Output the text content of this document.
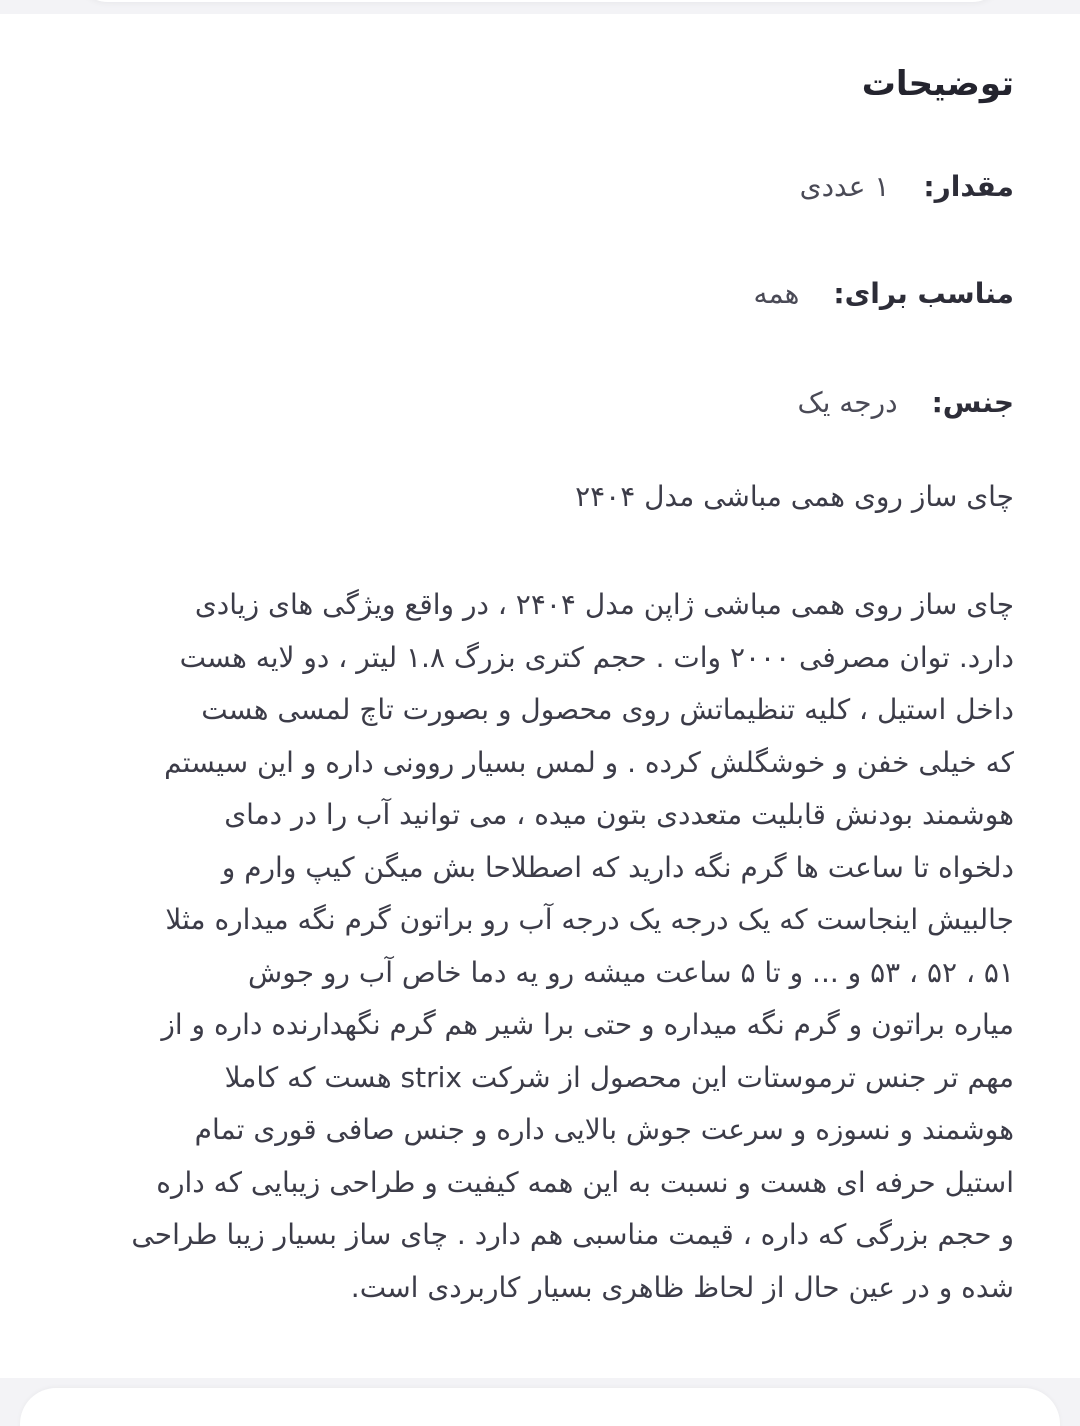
توضیحات
مقدار:
۱ عددی
مناسب برای:
همه
جنس:
درجه یک

چای ساز روی همی مباشی مدل ۲۴۰۴

چای ساز روی همی مباشی ژاپن مدل ۲۴۰۴ ، در واقع ویژگی های زیادی
دارد. توان مصرفی ۲۰۰۰ وات . حجم کتری بزرگ ۱.۸ لیتر ، دو لایه هست
داخل استیل ، کلیه تنظیماتش روی محصول و بصورت تاچ لمسی هست
که خیلی خفن و خوشگلش کرده . و لمس بسیار روونی داره و این سیستم
هوشمند بودنش قابلیت متعددی بتون میده ، می توانید آب را در دمای
دلخواه تا ساعت ها گرم نگه دارید که اصطلاحا بش میگن کیپ وارم و
جالبیش اینجاست که یک درجه یک درجه آب رو براتون گرم نگه میداره مثلا
۵۱ ، ۵۲ ، ۵۳ و ... و تا ۵ ساعت میشه رو یه دما خاص آب رو جوش
میاره براتون و گرم نگه میداره و حتی برا شیر هم گرم نگهدارنده داره و از
مهم تر جنس ترموستات این محصول از شرکت strix هست که کاملا
هوشمند و نسوزه و سرعت جوش بالایی داره و جنس صافی قوری تمام
استیل حرفه ای هست و نسبت به این همه کیفیت و طراحی زیبایی که داره
و حجم بزرگی که داره ، قیمت مناسبی هم دارد . چای ساز بسیار زیبا طراحی
شده و در عین حال از لحاظ ظاهری بسیار کاربردی است.
